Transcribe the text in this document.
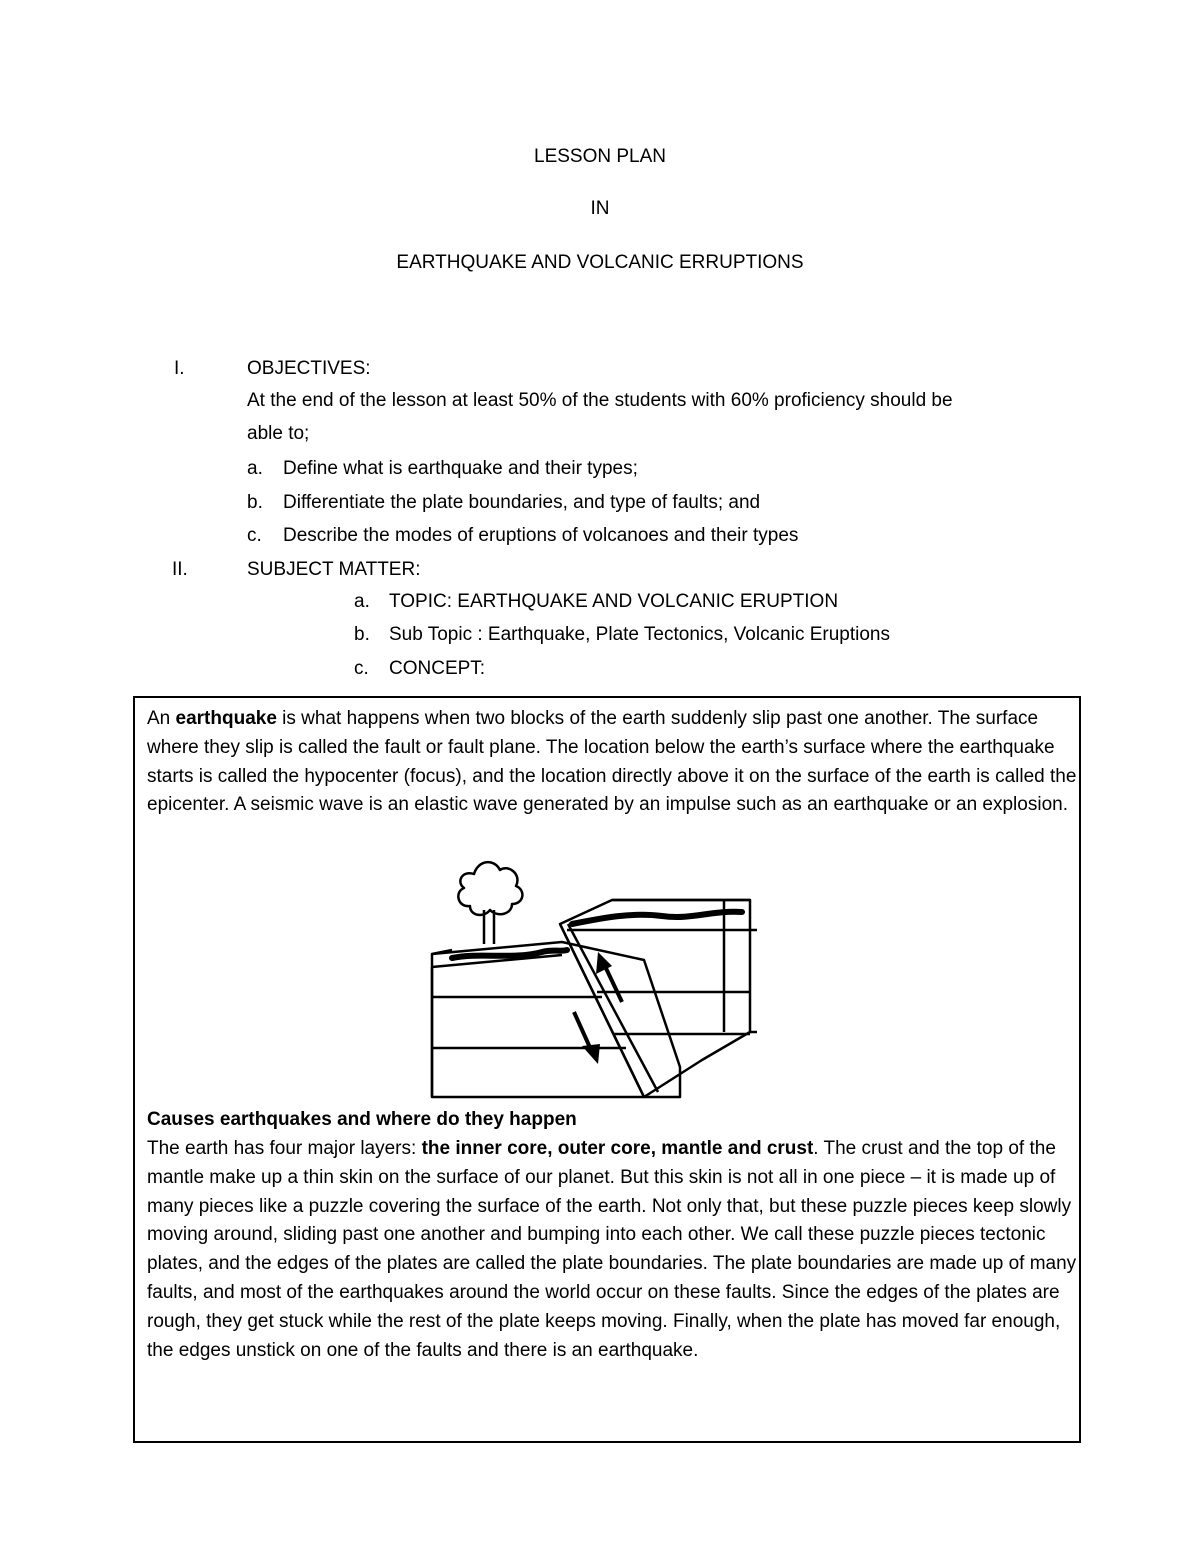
LESSON PLAN
IN
EARTHQUAKE AND VOLCANIC ERRUPTIONS
I.	OBJECTIVES:
At the end of the lesson at least 50% of the students with 60% proficiency should be
able to;
a. Define what is earthquake and their types;
b. Differentiate the plate boundaries, and type of faults; and
c. Describe the modes of eruptions of volcanoes and their types
II.	SUBJECT MATTER:
a. TOPIC: EARTHQUAKE AND VOLCANIC ERUPTION
b. Sub Topic : Earthquake, Plate Tectonics, Volcanic Eruptions
c. CONCEPT:
An earthquake is what happens when two blocks of the earth suddenly slip past one another. The surface where they slip is called the fault or fault plane. The location below the earth’s surface where the earthquake starts is called the hypocenter (focus), and the location directly above it on the surface of the earth is called the epicenter. A seismic wave is an elastic wave generated by an impulse such as an earthquake or an explosion.
Causes earthquakes and where do they happen
The earth has four major layers: the inner core, outer core, mantle and crust. The crust and the top of the mantle make up a thin skin on the surface of our planet. But this skin is not all in one piece – it is made up of many pieces like a puzzle covering the surface of the earth. Not only that, but these puzzle pieces keep slowly moving around, sliding past one another and bumping into each other. We call these puzzle pieces tectonic plates, and the edges of the plates are called the plate boundaries. The plate boundaries are made up of many faults, and most of the earthquakes around the world occur on these faults. Since the edges of the plates are rough, they get stuck while the rest of the plate keeps moving. Finally, when the plate has moved far enough, the edges unstick on one of the faults and there is an earthquake.
